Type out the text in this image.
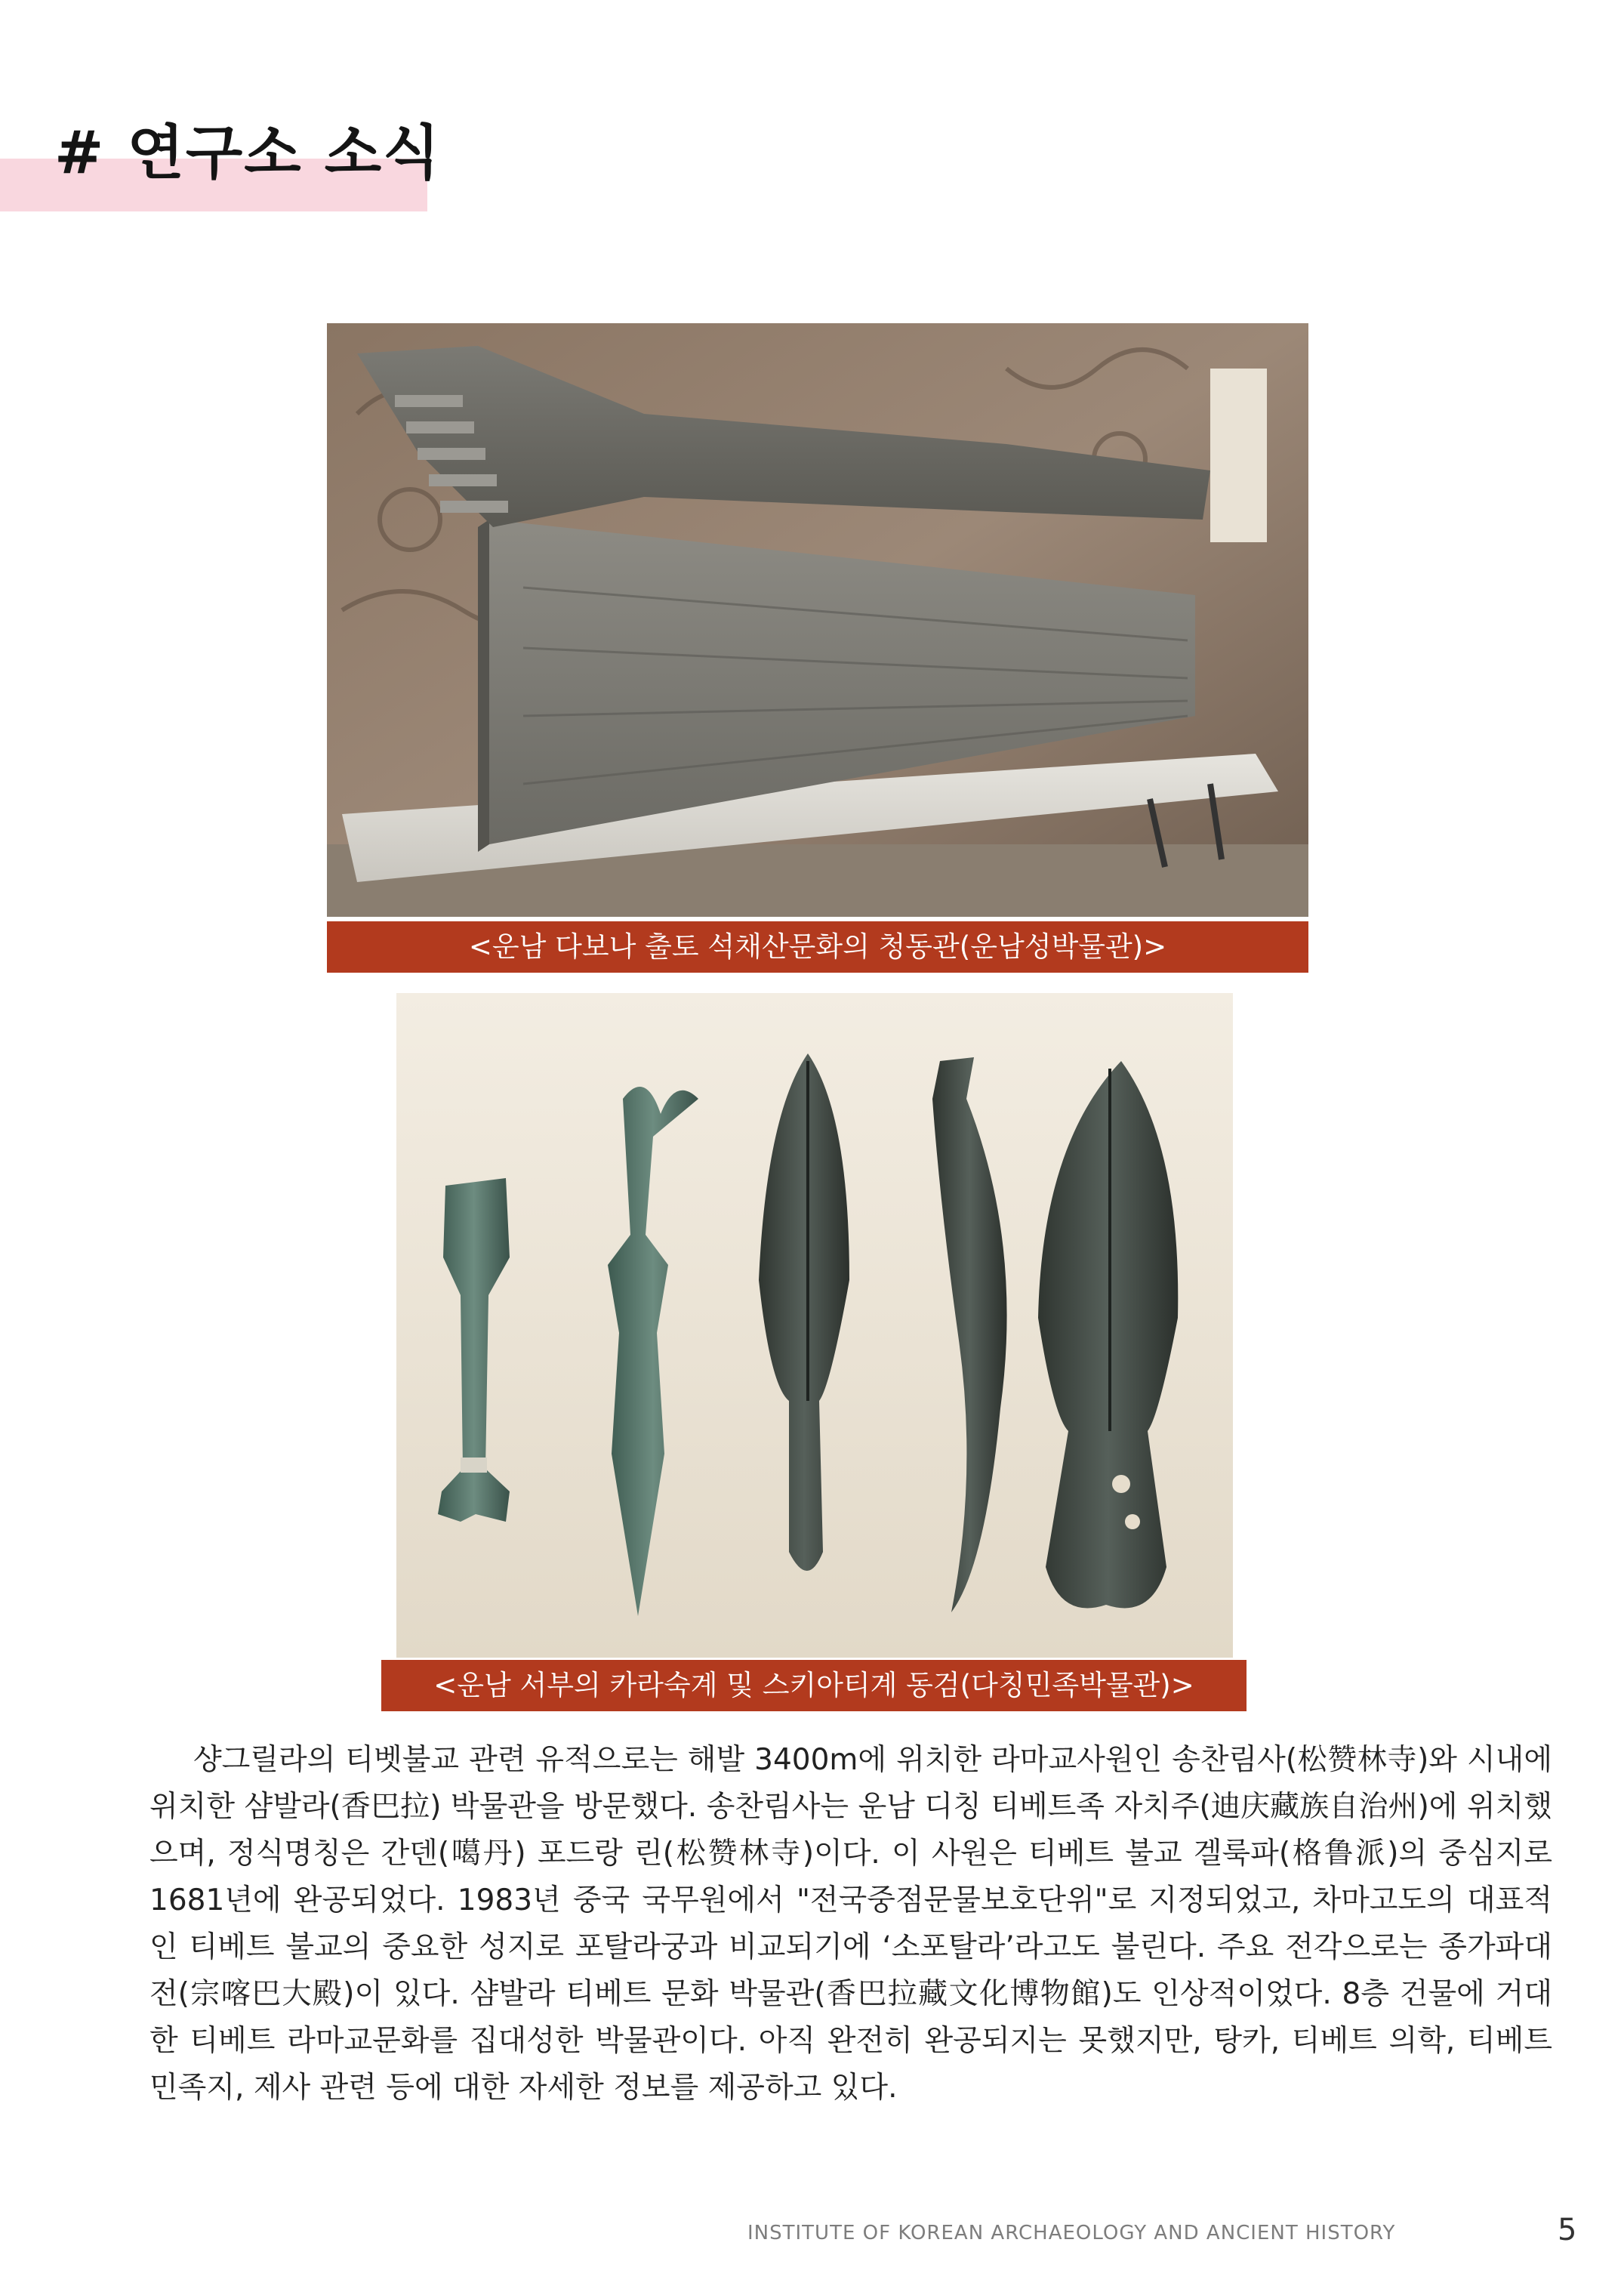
# 연구소 소식
<운남 다보나 출토 석채산문화의 청동관(운남성박물관)>
<운남 서부의 카라숙계 및 스키아티계 동검(다칭민족박물관)>

샹그릴라의 티벳불교 관련 유적으로는 해발 3400m에 위치한 라마교사원인 송찬림사(松赞林寺)와 시내에 위치한 샴발라(香巴拉) 박물관을 방문했다. 송찬림사는 운남 디칭 티베트족 자치주(迪庆藏族自治州)에 위치했으며, 정식명칭은 간덴(噶丹) 포드랑 린(松赞林寺)이다. 이 사원은 티베트 불교 겔룩파(格鲁派)의 중심지로 1681년에 완공되었다. 1983년 중국 국무원에서 "전국중점문물보호단위"로 지정되었고, 차마고도의 대표적인 티베트 불교의 중요한 성지로 포탈라궁과 비교되기에 ‘소포탈라’라고도 불린다. 주요 전각으로는 종가파대전(宗喀巴大殿)이 있다. 샴발라 티베트 문화 박물관(香巴拉藏文化博物館)도 인상적이었다. 8층 건물에 거대한 티베트 라마교문화를 집대성한 박물관이다. 아직 완전히 완공되지는 못했지만, 탕카, 티베트 의학, 티베트 민족지, 제사 관련 등에 대한 자세한 정보를 제공하고 있다.

INSTITUTE OF KOREAN ARCHAEOLOGY AND ANCIENT HISTORY	5
